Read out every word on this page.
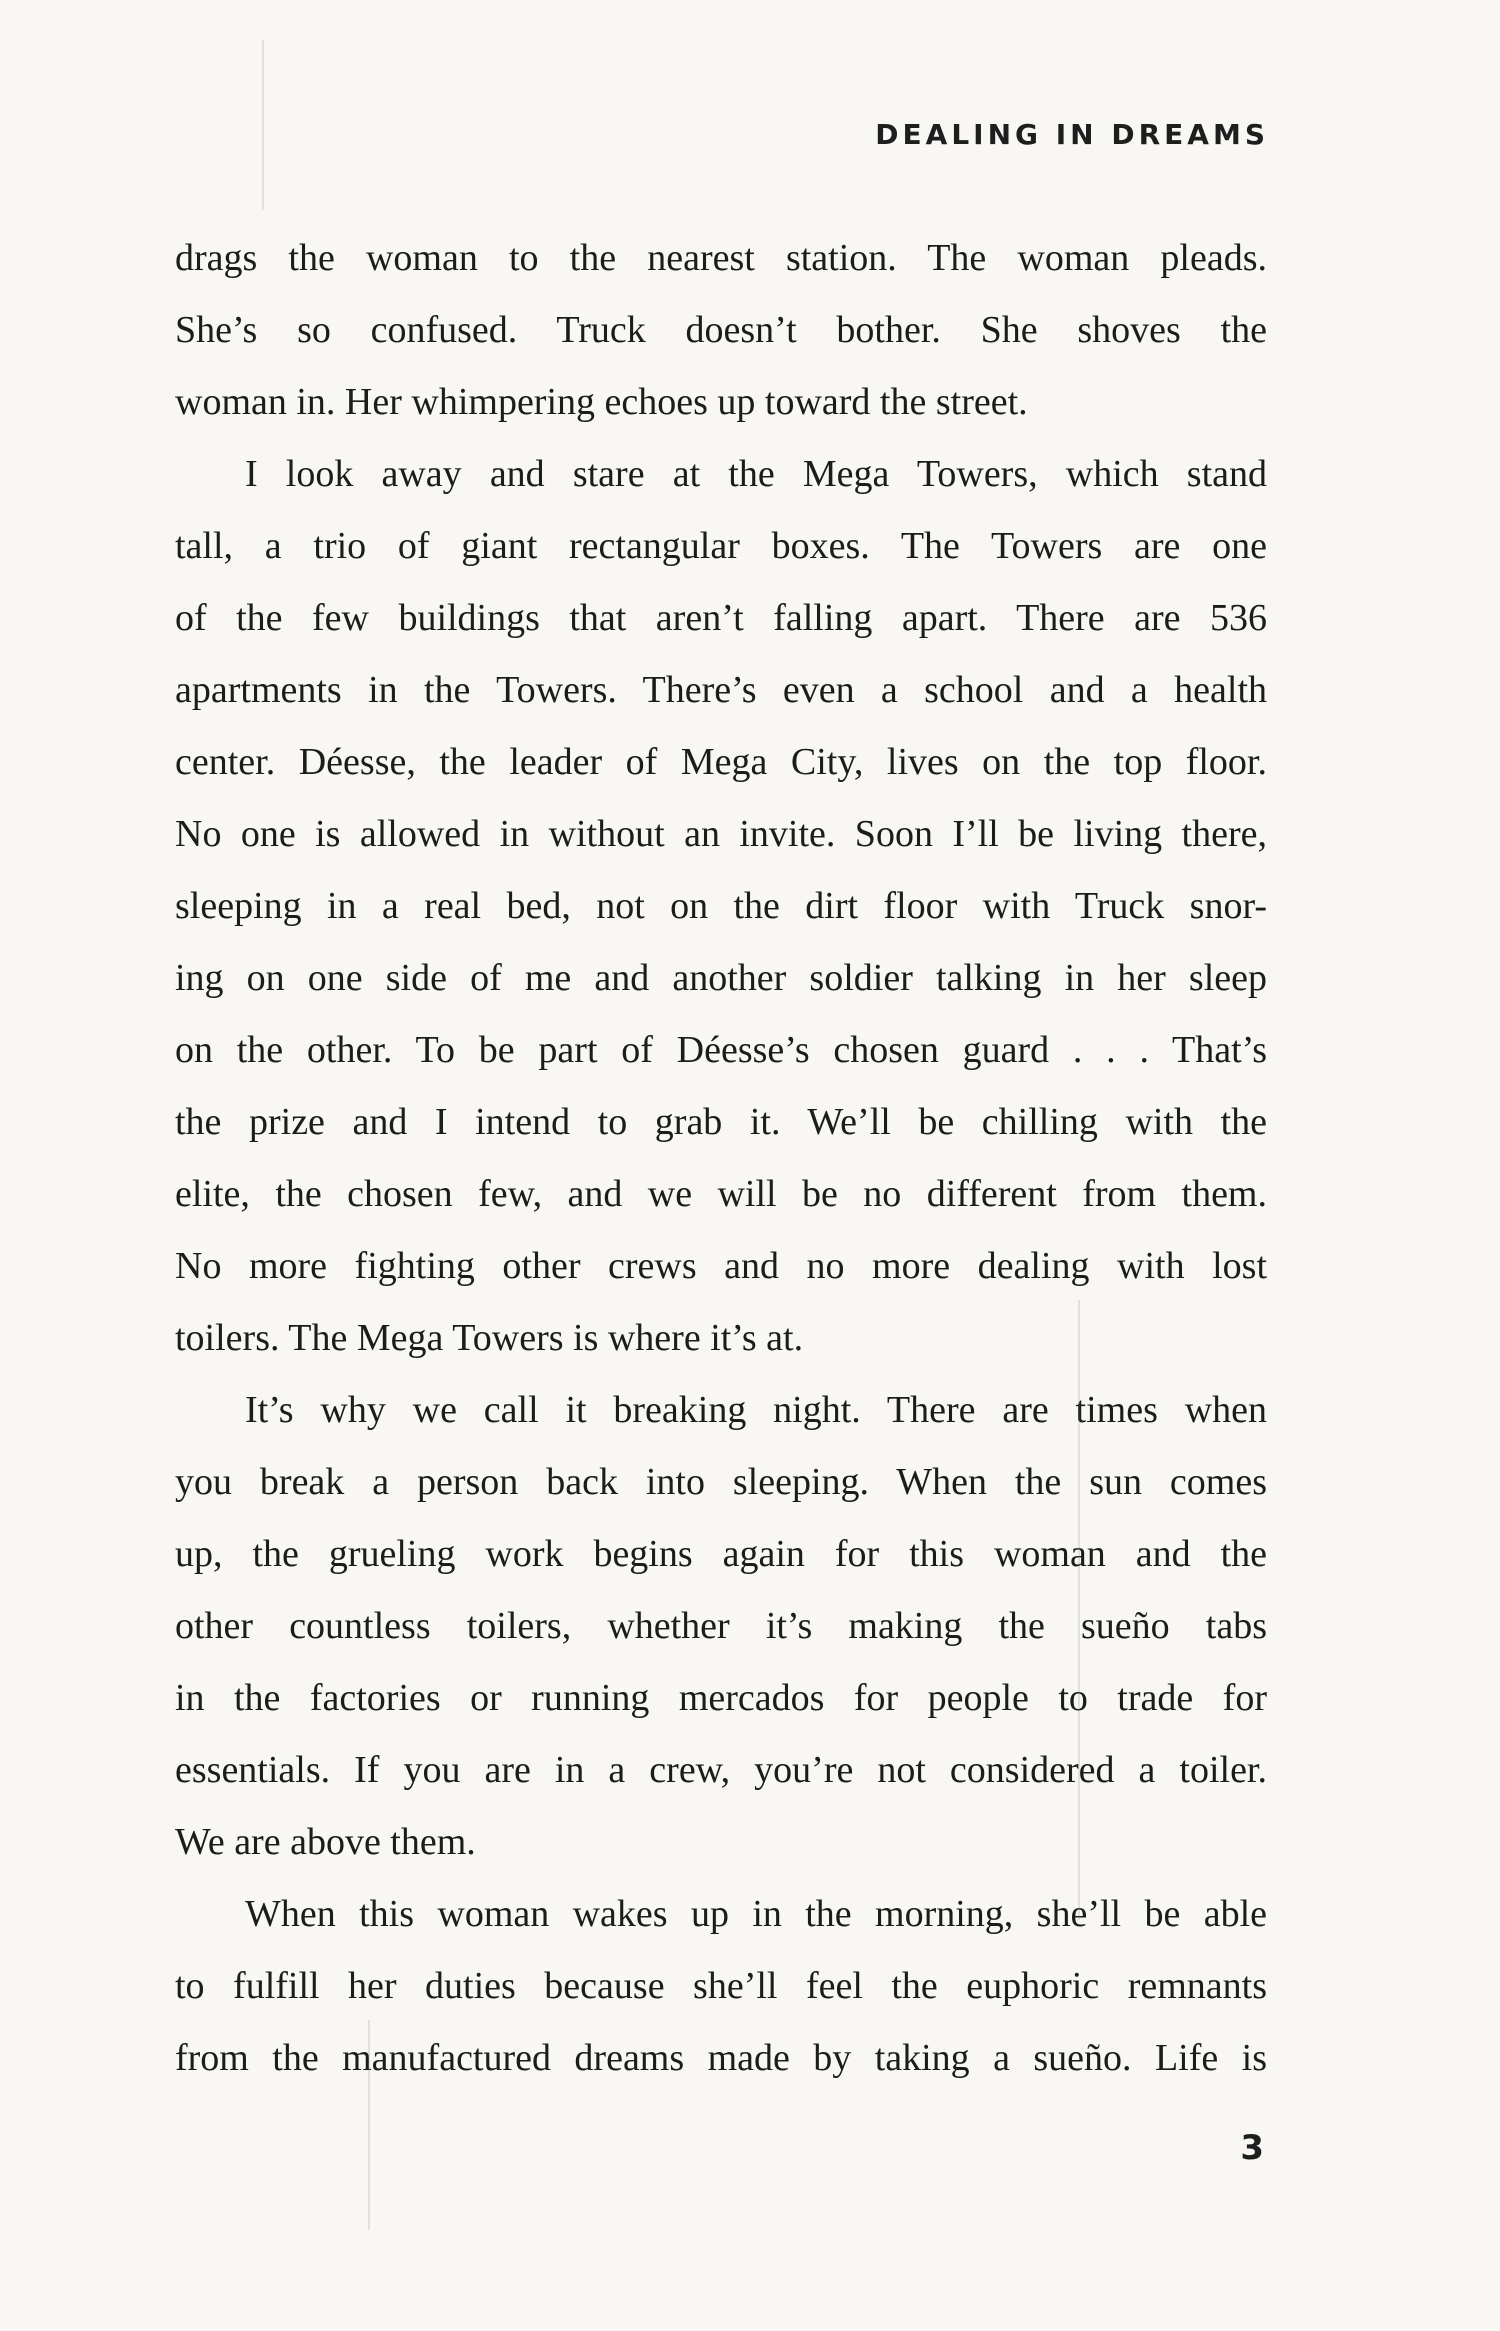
DEALING IN DREAMS
drags the woman to the nearest station. The woman pleads.
She’s so confused. Truck doesn’t bother. She shoves the
woman in. Her whimpering echoes up toward the street.
I look away and stare at the Mega Towers, which stand
tall, a trio of giant rectangular boxes. The Towers are one
of the few buildings that aren’t falling apart. There are 536
apartments in the Towers. There’s even a school and a health
center. Déesse, the leader of Mega City, lives on the top floor.
No one is allowed in without an invite. Soon I’ll be living there,
sleeping in a real bed, not on the dirt floor with Truck snor-
ing on one side of me and another soldier talking in her sleep
on the other. To be part of Déesse’s chosen guard . . . That’s
the prize and I intend to grab it. We’ll be chilling with the
elite, the chosen few, and we will be no different from them.
No more fighting other crews and no more dealing with lost
toilers. The Mega Towers is where it’s at.
It’s why we call it breaking night. There are times when
you break a person back into sleeping. When the sun comes
up, the grueling work begins again for this woman and the
other countless toilers, whether it’s making the sueño tabs
in the factories or running mercados for people to trade for
essentials. If you are in a crew, you’re not considered a toiler.
We are above them.
When this woman wakes up in the morning, she’ll be able
to fulfill her duties because she’ll feel the euphoric remnants
from the manufactured dreams made by taking a sueño. Life is
3
